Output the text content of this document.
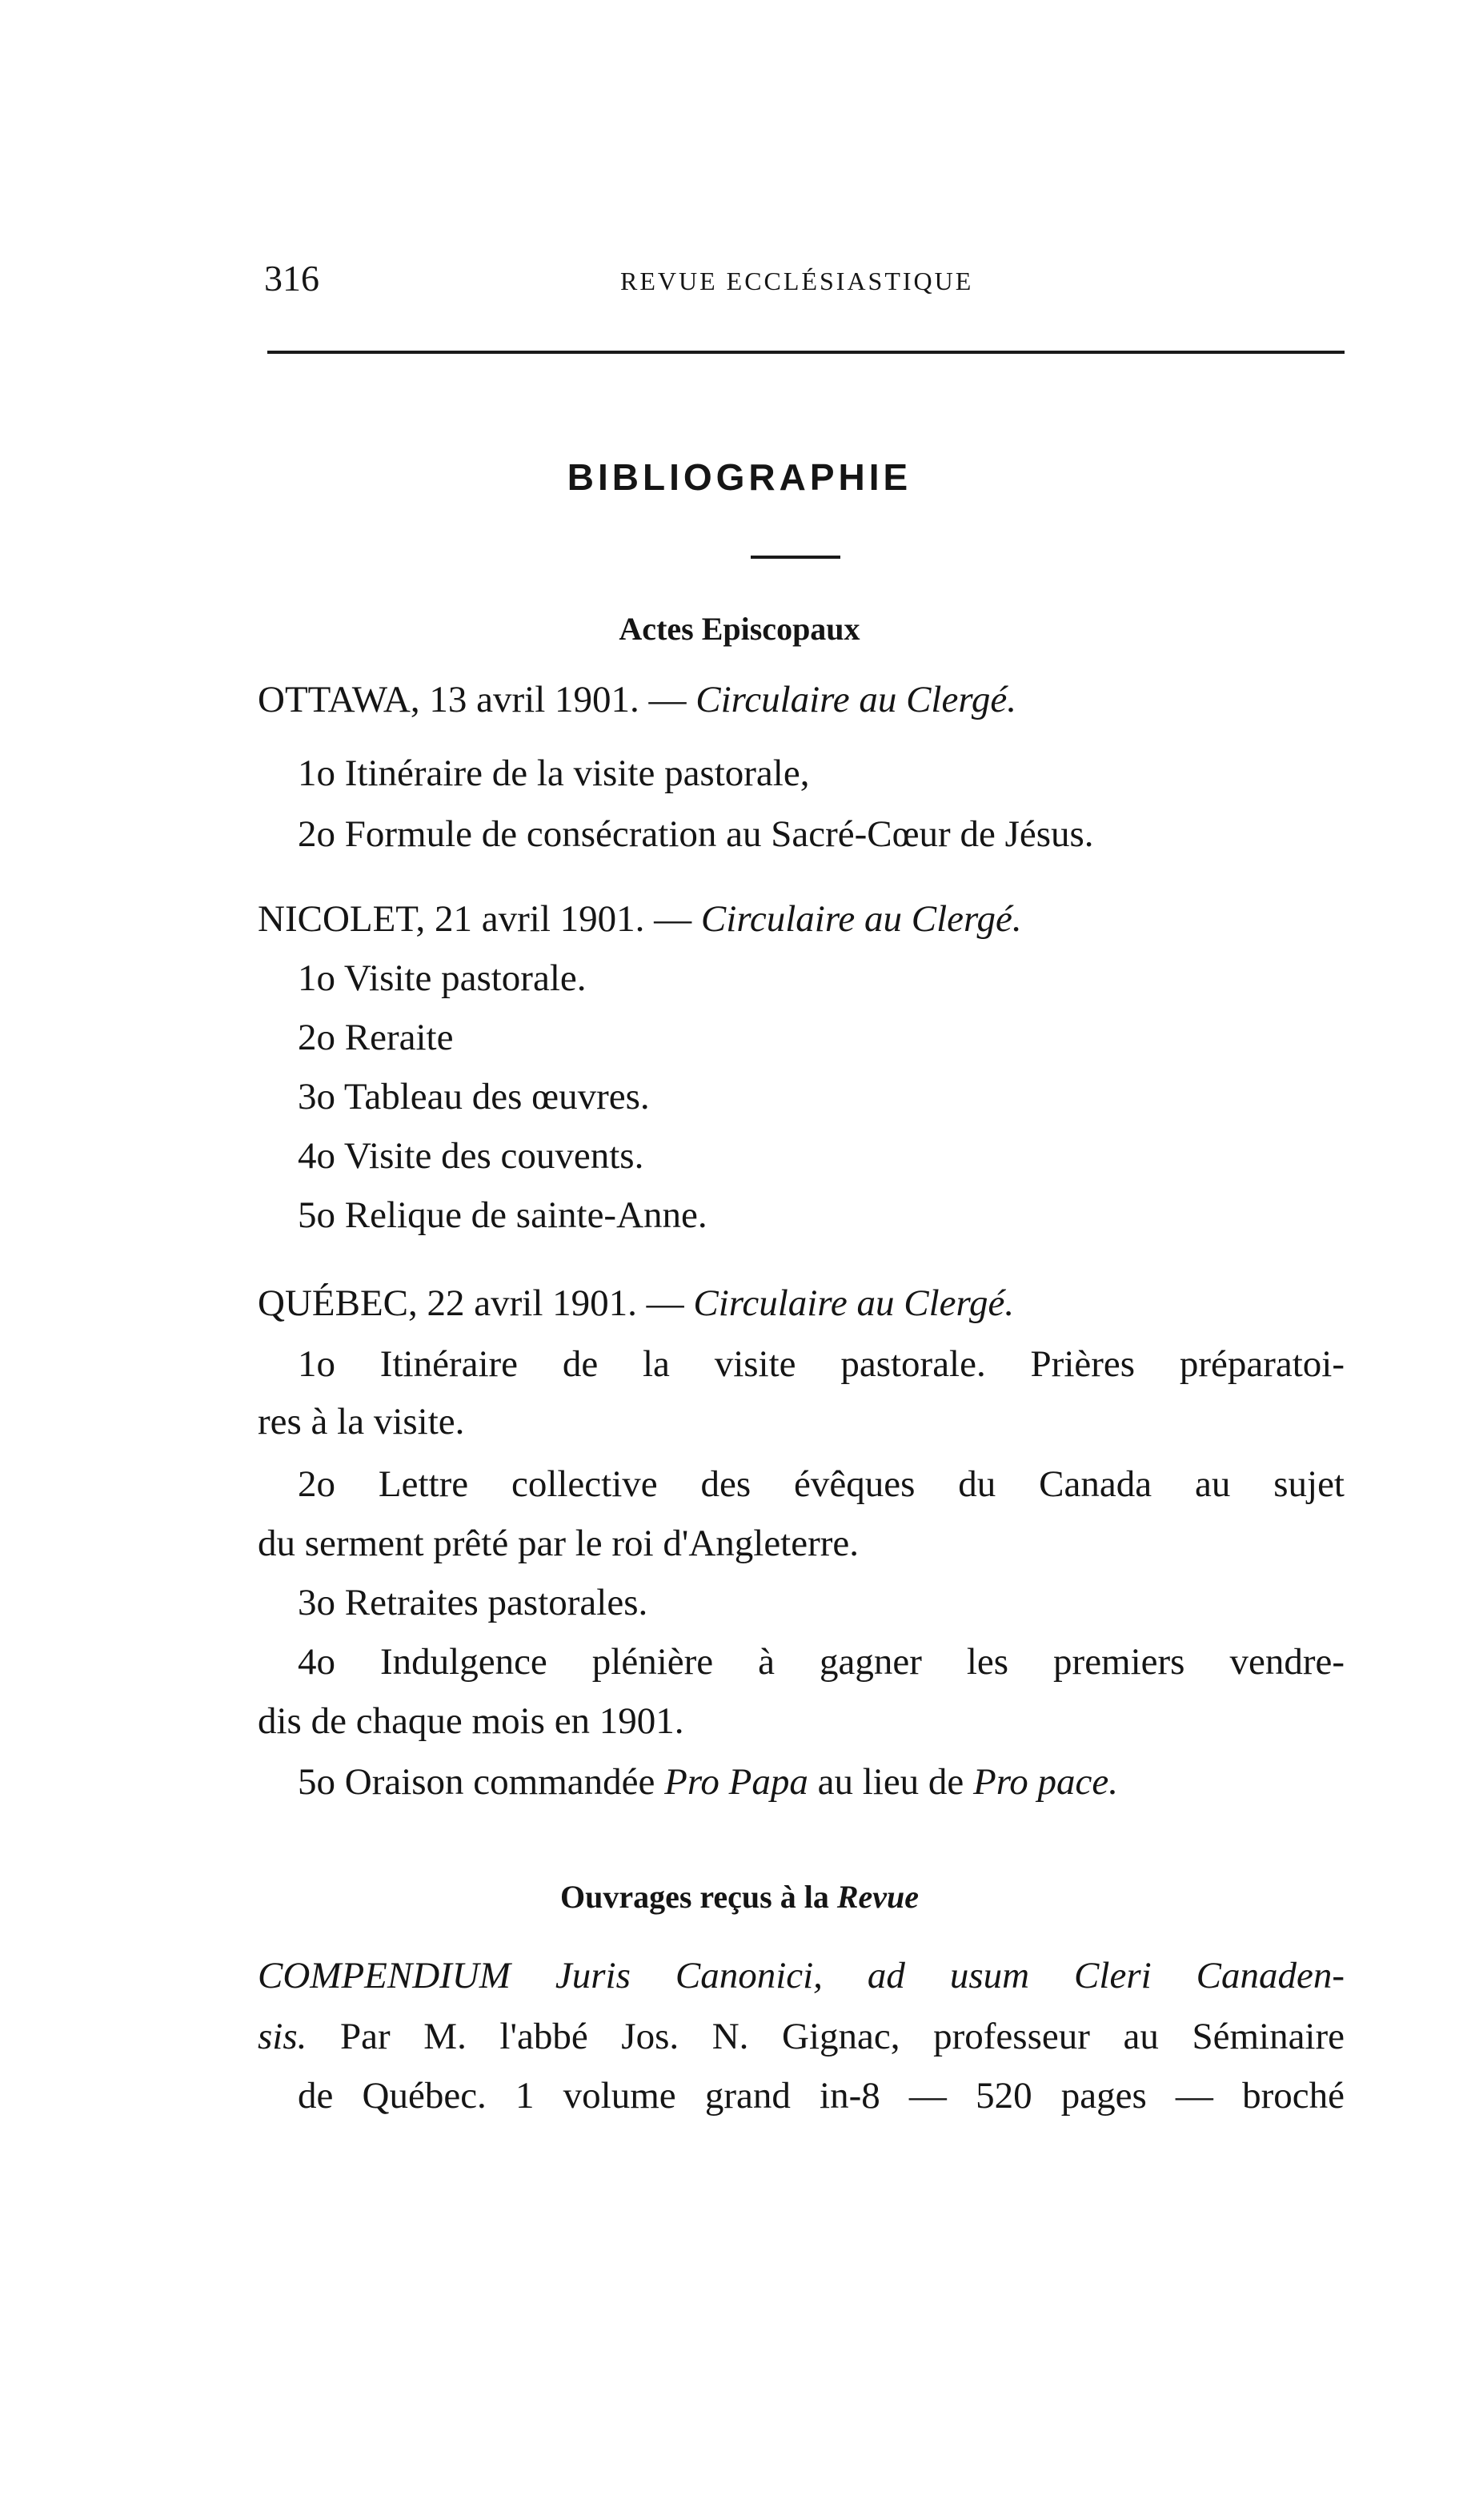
316	REVUE ECCLÉSIASTIQUE
BIBLIOGRAPHIE
Actes Episcopaux
OTTAWA, 13 avril 1901. — Circulaire au Clergé.
1o Itinéraire de la visite pastorale,
2o Formule de consécration au Sacré-Cœur de Jésus.
NICOLET, 21 avril 1901. — Circulaire au Clergé.
1o Visite pastorale.
2o Reraite
3o Tableau des œuvres.
4o Visite des couvents.
5o Relique de sainte-Anne.
QUÉBEC, 22 avril 1901. — Circulaire au Clergé.
1o Itinéraire de la visite pastorale. Prières préparatoi-
res à la visite.
2o Lettre collective des évêques du Canada au sujet
du serment prêté par le roi d'Angleterre.
3o Retraites pastorales.
4o Indulgence plénière à gagner les premiers vendre-
dis de chaque mois en 1901.
5o Oraison commandée Pro Papa au lieu de Pro pace.
Ouvrages reçus à la Revue
COMPENDIUM Juris Canonici, ad usum Cleri Canaden-
sis. Par M. l'abbé Jos. N. Gignac, professeur au Séminaire
de Québec. 1 volume grand in-8 — 520 pages — broché
